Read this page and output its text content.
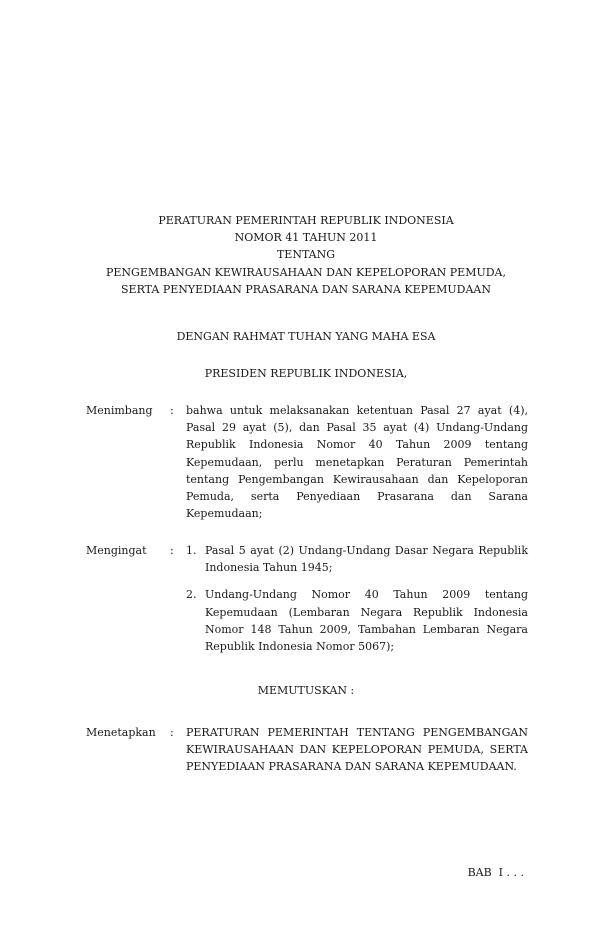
PERATURAN PEMERINTAH REPUBLIK INDONESIA
NOMOR 41 TAHUN 2011
TENTANG
PENGEMBANGAN KEWIRAUSAHAAN DAN KEPELOPORAN PEMUDA,
SERTA PENYEDIAAN PRASARANA DAN SARANA KEPEMUDAAN
DENGAN RAHMAT TUHAN YANG MAHA ESA
PRESIDEN REPUBLIK INDONESIA,
Menimbang : bahwa untuk melaksanakan ketentuan Pasal 27 ayat (4), Pasal 29 ayat (5), dan Pasal 35 ayat (4) Undang-Undang Republik Indonesia Nomor 40 Tahun 2009 tentang Kepemudaan, perlu menetapkan Peraturan Pemerintah tentang Pengembangan Kewirausahaan dan Kepeloporan Pemuda, serta Penyediaan Prasarana dan Sarana Kepemudaan;
Mengingat : 1. Pasal 5 ayat (2) Undang-Undang Dasar Negara Republik Indonesia Tahun 1945;
2. Undang-Undang Nomor 40 Tahun 2009 tentang Kepemudaan (Lembaran Negara Republik Indonesia Nomor 148 Tahun 2009, Tambahan Lembaran Negara Republik Indonesia Nomor 5067);
MEMUTUSKAN :
Menetapkan : PERATURAN PEMERINTAH TENTANG PENGEMBANGAN KEWIRAUSAHAAN DAN KEPELOPORAN PEMUDA, SERTA PENYEDIAAN PRASARANA DAN SARANA KEPEMUDAAN.
BAB  I . . .
